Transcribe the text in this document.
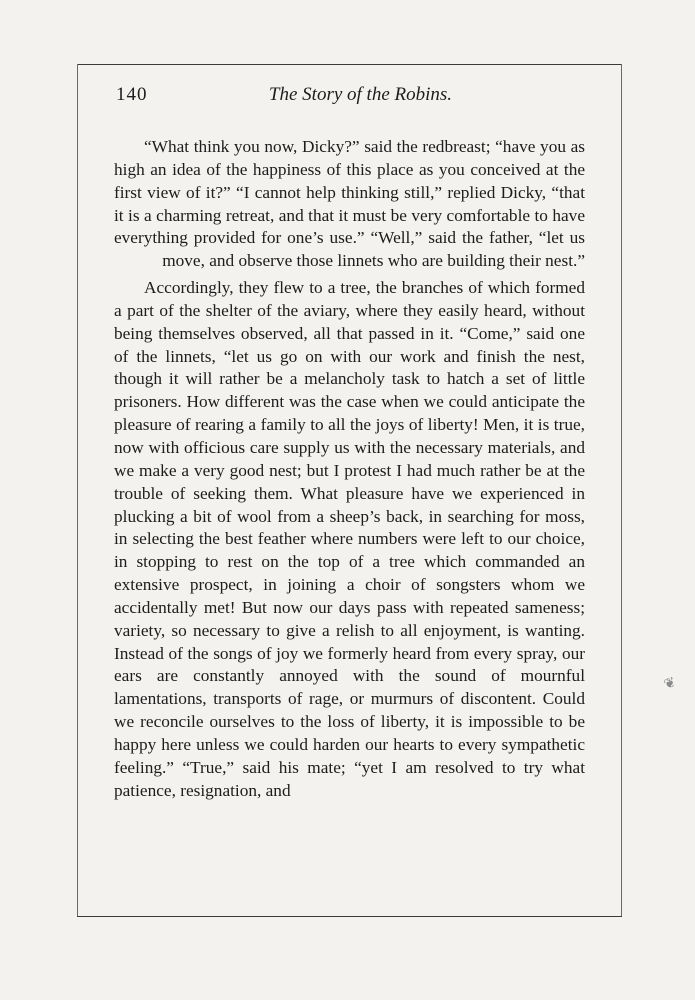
140	The Story of the Robins.

“What think you now, Dicky?” said the redbreast; “have you as high an idea of the happiness of this place as you conceived at the first view of it?” “I cannot help thinking still,” replied Dicky, “that it is a charming retreat, and that it must be very comfortable to have everything provided for one’s use.” “Well,” said the father, “let us move, and observe those linnets who are building their nest.”

Accordingly, they flew to a tree, the branches of which formed a part of the shelter of the aviary, where they easily heard, without being themselves observed, all that passed in it. “Come,” said one of the linnets, “let us go on with our work and finish the nest, though it will rather be a melancholy task to hatch a set of little prisoners. How different was the case when we could anticipate the pleasure of rearing a family to all the joys of liberty! Men, it is true, now with officious care supply us with the necessary materials, and we make a very good nest; but I protest I had much rather be at the trouble of seeking them. What pleasure have we experienced in plucking a bit of wool from a sheep’s back, in searching for moss, in selecting the best feather where numbers were left to our choice, in stopping to rest on the top of a tree which commanded an extensive prospect, in joining a choir of songsters whom we accidentally met! But now our days pass with repeated sameness; variety, so necessary to give a relish to all enjoyment, is wanting. Instead of the songs of joy we formerly heard from every spray, our ears are constantly annoyed with the sound of mournful lamentations, transports of rage, or murmurs of discontent. Could we reconcile ourselves to the loss of liberty, it is impossible to be happy here unless we could harden our hearts to every sympathetic feeling.” “True,” said his mate; “yet I am resolved to try what patience, resignation, and

❦
